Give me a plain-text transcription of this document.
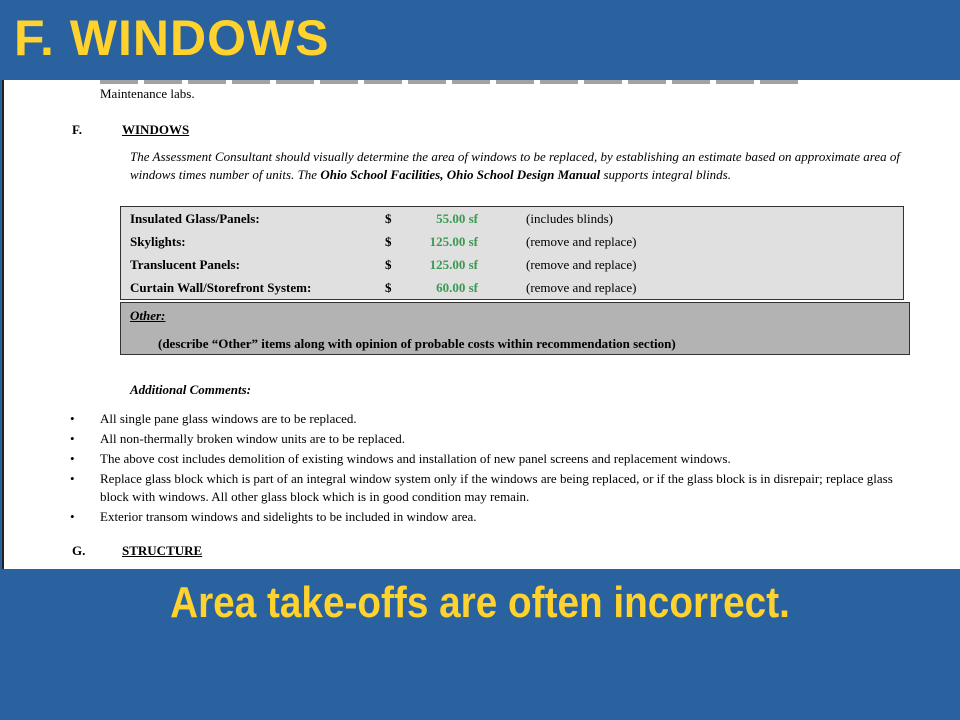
F. WINDOWS
Maintenance labs.
F.	WINDOWS
The Assessment Consultant should visually determine the area of windows to be replaced, by establishing an estimate based on approximate area of windows times number of units. The Ohio School Facilities, Ohio School Design Manual supports integral blinds.
Insulated Glass/Panels:	$	55.00 sf	(includes blinds)
Skylights:	$	125.00 sf	(remove and replace)
Translucent Panels:	$	125.00 sf	(remove and replace)
Curtain Wall/Storefront System:	$	60.00 sf	(remove and replace)
Other:
(describe “Other” items along with opinion of probable costs within recommendation section)
Additional Comments:
• All single pane glass windows are to be replaced.
• All non-thermally broken window units are to be replaced.
• The above cost includes demolition of existing windows and installation of new panel screens and replacement windows.
• Replace glass block which is part of an integral window system only if the windows are being replaced, or if the glass block is in disrepair; replace glass block with windows. All other glass block which is in good condition may remain.
• Exterior transom windows and sidelights to be included in window area.
G.	STRUCTURE
Area take-offs are often incorrect.
